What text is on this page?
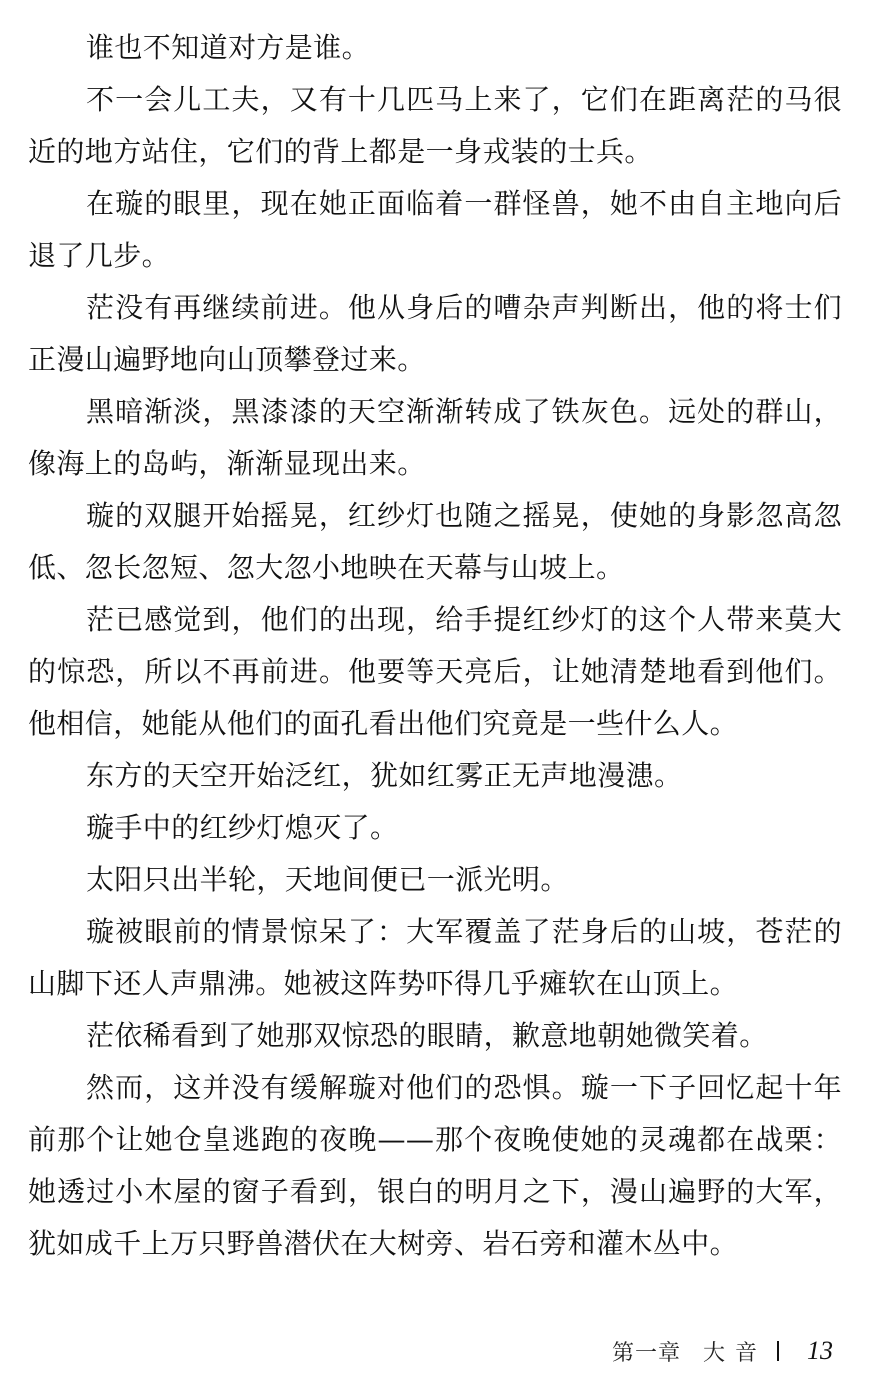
谁也不知道对方是谁。

不一会儿工夫，又有十几匹马上来了，它们在距离茫的马很近的地方站住，它们的背上都是一身戎装的士兵。

在璇的眼里，现在她正面临着一群怪兽，她不由自主地向后退了几步。

茫没有再继续前进。他从身后的嘈杂声判断出，他的将士们正漫山遍野地向山顶攀登过来。

黑暗渐淡，黑漆漆的天空渐渐转成了铁灰色。远处的群山，像海上的岛屿，渐渐显现出来。

璇的双腿开始摇晃，红纱灯也随之摇晃，使她的身影忽高忽低、忽长忽短、忽大忽小地映在天幕与山坡上。

茫已感觉到，他们的出现，给手提红纱灯的这个人带来莫大的惊恐，所以不再前进。他要等天亮后，让她清楚地看到他们。他相信，她能从他们的面孔看出他们究竟是一些什么人。

东方的天空开始泛红，犹如红雾正无声地漫漶。

璇手中的红纱灯熄灭了。

太阳只出半轮，天地间便已一派光明。

璇被眼前的情景惊呆了：大军覆盖了茫身后的山坡，苍茫的山脚下还人声鼎沸。她被这阵势吓得几乎瘫软在山顶上。

茫依稀看到了她那双惊恐的眼睛，歉意地朝她微笑着。

然而，这并没有缓解璇对他们的恐惧。璇一下子回忆起十年前那个让她仓皇逃跑的夜晚——那个夜晚使她的灵魂都在战栗：她透过小木屋的窗子看到，银白的明月之下，漫山遍野的大军，犹如成千上万只野兽潜伏在大树旁、岩石旁和灌木丛中。

第一章 大音 13
